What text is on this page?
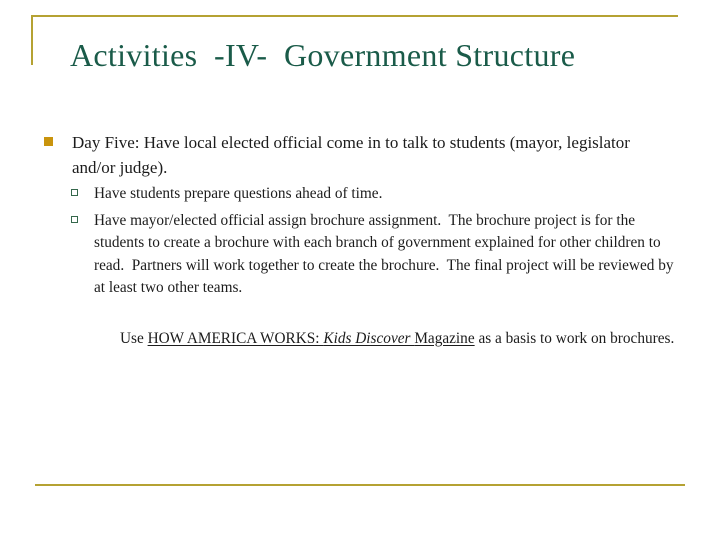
Activities  -IV-  Government Structure
Day Five: Have local elected official come in to talk to students (mayor, legislator and/or judge).
Have students prepare questions ahead of time.
Have mayor/elected official assign brochure assignment.  The brochure project is for the students to create a brochure with each branch of government explained for other children to read.  Partners will work together to create the brochure.  The final project will be reviewed by at least two other teams.

Use HOW AMERICA WORKS: Kids Discover Magazine as a basis to work on brochures.
